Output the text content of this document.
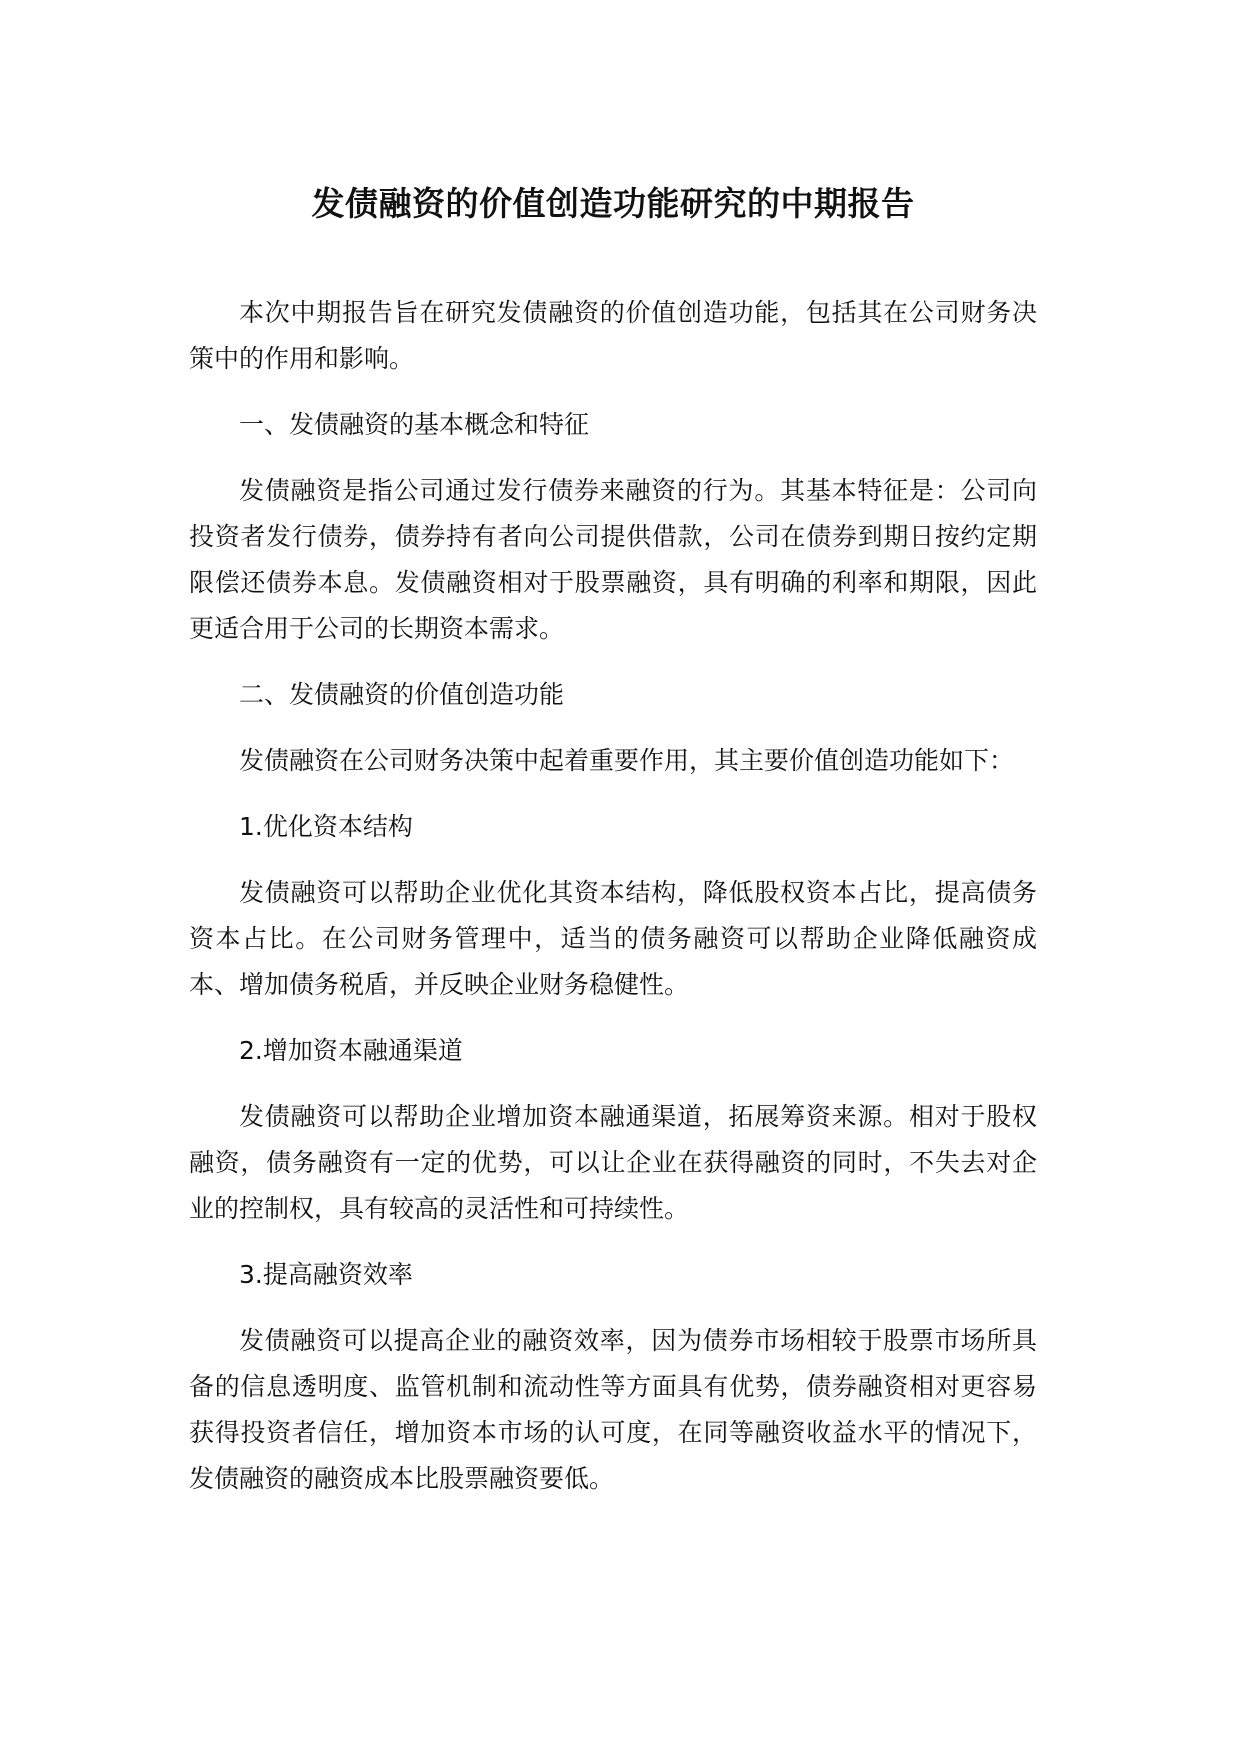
发债融资的价值创造功能研究的中期报告

本次中期报告旨在研究发债融资的价值创造功能，包括其在公司财务决策中的作用和影响。

一、发债融资的基本概念和特征

发债融资是指公司通过发行债券来融资的行为。其基本特征是：公司向投资者发行债券，债券持有者向公司提供借款，公司在债券到期日按约定期限偿还债券本息。发债融资相对于股票融资，具有明确的利率和期限，因此更适合用于公司的长期资本需求。

二、发债融资的价值创造功能

发债融资在公司财务决策中起着重要作用，其主要价值创造功能如下：

1.优化资本结构

发债融资可以帮助企业优化其资本结构，降低股权资本占比，提高债务资本占比。在公司财务管理中，适当的债务融资可以帮助企业降低融资成本、增加债务税盾，并反映企业财务稳健性。

2.增加资本融通渠道

发债融资可以帮助企业增加资本融通渠道，拓展筹资来源。相对于股权融资，债务融资有一定的优势，可以让企业在获得融资的同时，不失去对企业的控制权，具有较高的灵活性和可持续性。

3.提高融资效率

发债融资可以提高企业的融资效率，因为债券市场相较于股票市场所具备的信息透明度、监管机制和流动性等方面具有优势，债券融资相对更容易获得投资者信任，增加资本市场的认可度，在同等融资收益水平的情况下，发债融资的融资成本比股票融资要低。
